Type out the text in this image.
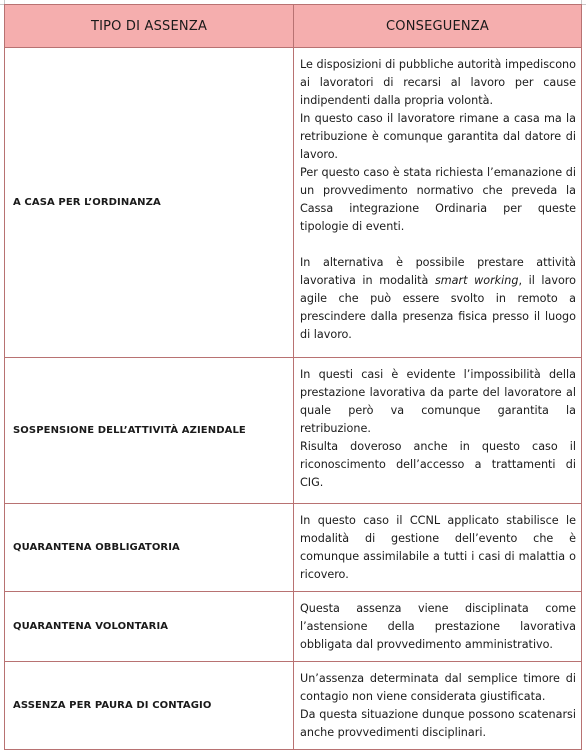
TIPO DI ASSENZA	CONSEGUENZA
A CASA PER L’ORDINANZA	Le disposizioni di pubbliche autorità impediscono ai lavoratori di recarsi al lavoro per cause indipendenti dalla propria volontà.

In questo caso il lavoratore rimane a casa ma la retribuzione è comunque garantita dal datore di lavoro.

Per questo caso è stata richiesta l’emanazione di un provvedimento normativo che preveda la Cassa integrazione Ordinaria per queste tipologie di eventi.

In alternativa è possibile prestare attività lavorativa in modalità smart working, il lavoro agile che può essere svolto in remoto a prescindere dalla presenza fisica presso il luogo di lavoro.

SOSPENSIONE DELL’ATTIVITÀ AZIENDALE	In questi casi è evidente l’impossibilità della prestazione lavorativa da parte del lavoratore al quale però va comunque garantita la retribuzione.

Risulta doveroso anche in questo caso il riconoscimento dell’accesso a trattamenti di CIG.

QUARANTENA OBBLIGATORIA	In questo caso il CCNL applicato stabilisce le modalità di gestione dell’evento che è comunque assimilabile a tutti i casi di malattia o ricovero.

QUARANTENA VOLONTARIA	Questa assenza viene disciplinata come l’astensione della prestazione lavorativa obbligata dal provvedimento amministrativo.

ASSENZA PER PAURA DI CONTAGIO	Un’assenza determinata dal semplice timore di contagio non viene considerata giustificata.

Da questa situazione dunque possono scatenarsi anche provvedimenti disciplinari.
